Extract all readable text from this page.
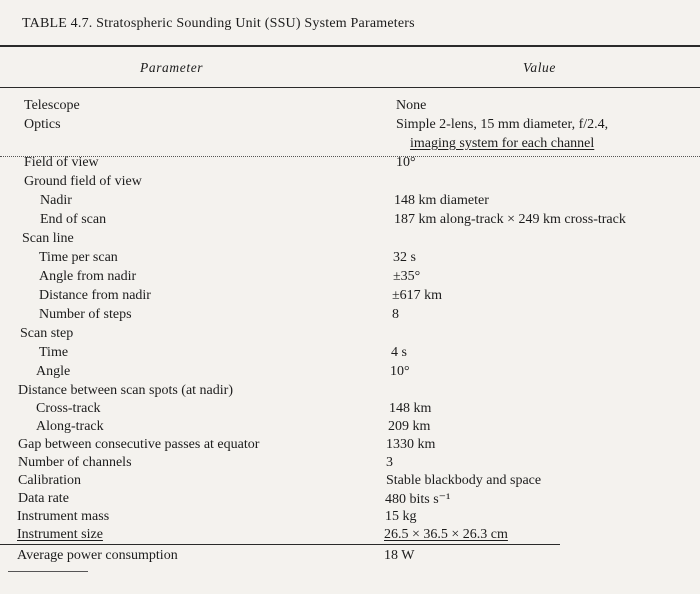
TABLE 4.7. Stratospheric Sounding Unit (SSU) System Parameters
Parameter	Value
Telescope	None
Optics	Simple 2-lens, 15 mm diameter, f/2.4,
imaging system for each channel
Field of view	10°
Ground field of view
Nadir	148 km diameter
End of scan	187 km along-track × 249 km cross-track
Scan line
Time per scan	32 s
Angle from nadir	±35°
Distance from nadir	±617 km
Number of steps	8
Scan step
Time	4 s
Angle	10°
Distance between scan spots (at nadir)
Cross-track	148 km
Along-track	209 km
Gap between consecutive passes at equator	1330 km
Number of channels	3
Calibration	Stable blackbody and space
Data rate	480 bits s⁻¹
Instrument mass	15 kg
Instrument size	26.5 × 36.5 × 26.3 cm
Average power consumption	18 W
